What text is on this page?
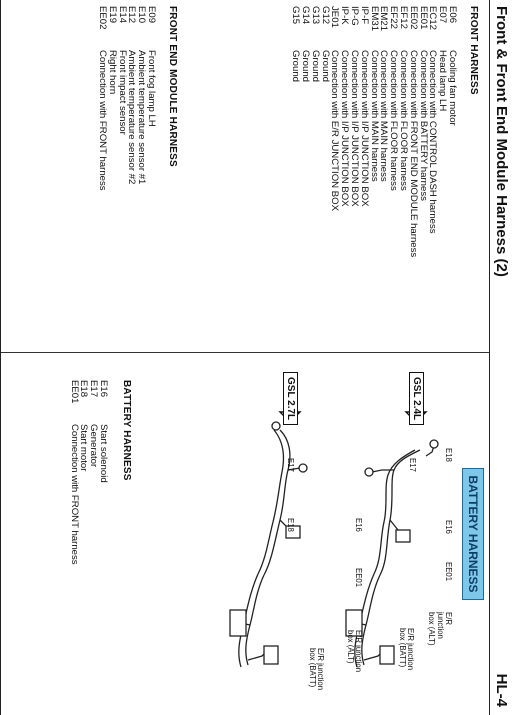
Front & Front End Module Harness (2)
HL-4
FRONT HARNESS
E06
Cooling fan motor
E07
Head lamp LH
EC12
Connection with CONTROL DASH harness
EE01
Connection with BATTERY harness
EE02
Connection with FRONT END MODULE harness
EF12
Connection with FLOOR harness
EF22
Connection with FLOOR harness
EM21
Connection with MAIN harness
EM31
Connection with MAIN harness
IP-F
Connection with I/P JUNCTION BOX
IP-G
Connection with I/P JUNCTION BOX
IP-K
Connection with I/P JUNCTION BOX
JE01
Connection with E/R JUNCTION BOX
G12
Ground
G13
Ground
G14
Ground
G15
Ground
FRONT END MODULE HARNESS
E09
Front fog lamp LH
E10
Ambient temperature sensor #1
E12
Ambient temperature sensor #2
E14
Front impact sensor
E19
Right horn
EE02
Connection with FRONT harness
BATTERY HARNESS
GSL 2.4L
GSL 2.7L
E18
E16
E17
EE01
E/R junction box (ALT)
E/R junction box (BATT)
E17
E18	E16
EE01
E/R junction box (ALT)
E/R junction box (BATT)
BATTERY HARNESS
E16
Start solenoid
E17
Generator
E18
Start motor
EE01
Connection with FRONT harness
